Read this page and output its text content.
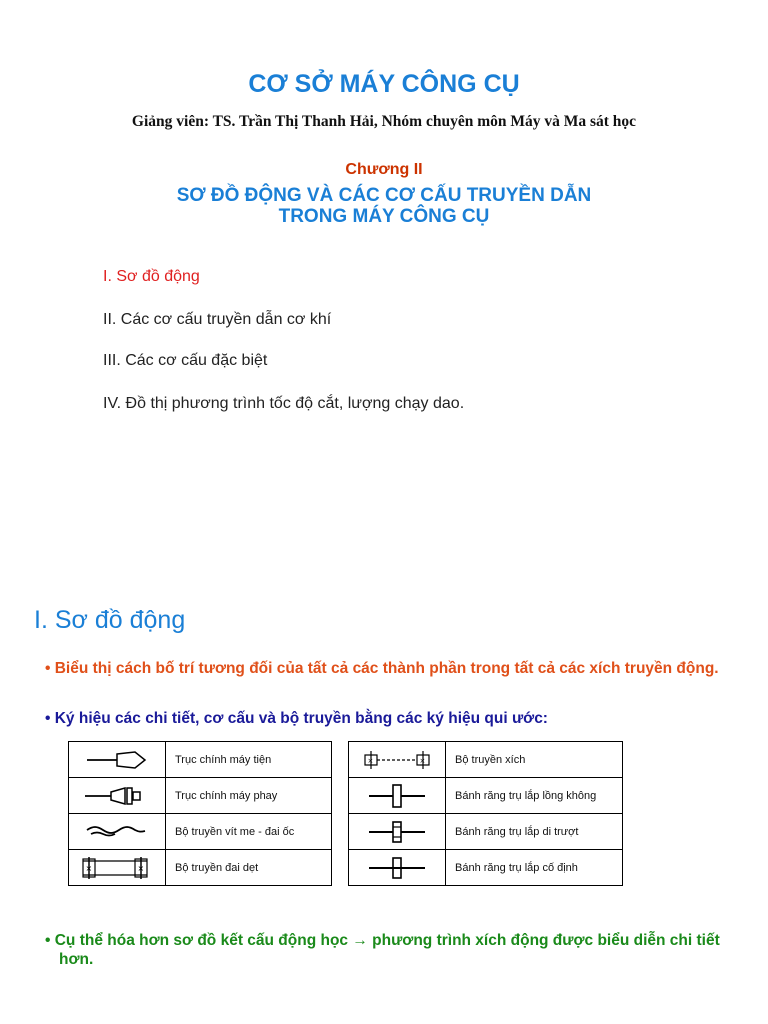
CƠ SỞ MÁY CÔNG CỤ
Giảng viên: TS. Trần Thị Thanh Hải, Nhóm chuyên môn Máy và Ma sát học
Chương II
SƠ ĐỒ ĐỘNG VÀ CÁC CƠ CẤU TRUYỀN DẪN
TRONG MÁY CÔNG CỤ
I. Sơ đồ động
II. Các cơ cấu truyền dẫn cơ khí
III. Các cơ cấu đặc biệt
IV. Đồ thị phương trình tốc độ cắt, lượng chạy dao.
I. Sơ đồ động
• Biểu thị cách bố trí tương đối của tất cả các thành phần trong tất cả các xích truyền động.
• Ký hiệu các chi tiết, cơ cấu và bộ truyền bằng các ký hiệu qui ước:
	Trục chính máy tiện

	Trục chính máy phay

	Bộ truyền vít me - đai ốc

× ×	Bộ truyền đai dẹt
× ×	Bộ truyền xích

	Bánh răng trụ lắp lồng không

	Bánh răng trụ lắp di trượt

	Bánh răng trụ lắp cố định
• Cụ thể hóa hơn sơ đồ kết cấu động học → phương trình xích động được biểu diễn chi tiết hơn.
